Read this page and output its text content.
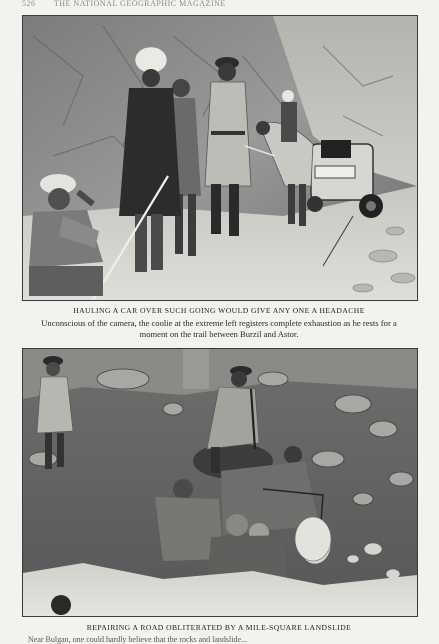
526 THE NATIONAL GEOGRAPHIC MAGAZINE
HAULING A CAR OVER SUCH GOING WOULD GIVE ANY ONE A HEADACHE
Unconscious of the camera, the coolie at the extreme left registers complete exhaustion as he rests for a moment on the trail between Burzil and Astor.
REPAIRING A ROAD OBLITERATED BY A MILE-SQUARE LANDSLIDE
Near Bulgan, one could hardly believe that the rocks and landslide...
